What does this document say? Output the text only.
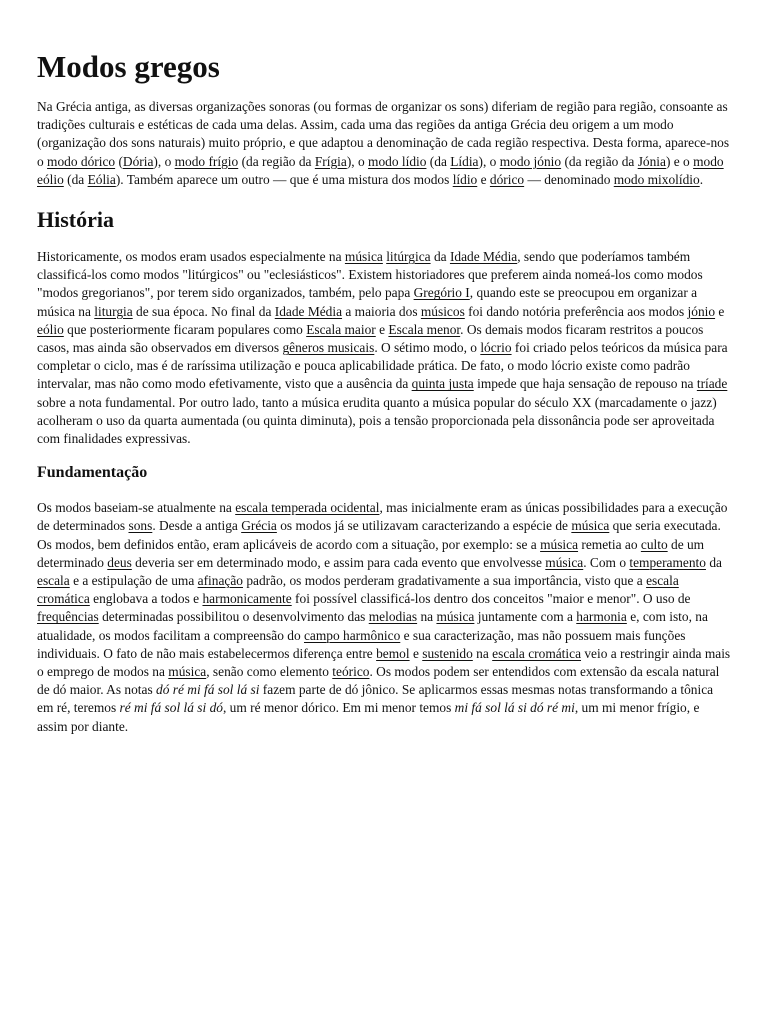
Modos gregos

Na Grécia antiga, as diversas organizações sonoras (ou formas de organizar os sons) diferiam de região para região, consoante as tradições culturais e estéticas de cada uma delas. Assim, cada uma das regiões da antiga Grécia deu origem a um modo (organização dos sons naturais) muito próprio, e que adaptou a denominação de cada região respectiva. Desta forma, aparece-nos o modo dórico (Dória), o modo frígio (da região da Frígia), o modo lídio (da Lídia), o modo jónio (da região da Jónia) e o modo eólio (da Eólia). Também aparece um outro — que é uma mistura dos modos lídio e dórico — denominado modo mixolídio.

História

Historicamente, os modos eram usados especialmente na música litúrgica da Idade Média, sendo que poderíamos também classificá-los como modos "litúrgicos" ou "eclesiásticos". Existem historiadores que preferem ainda nomeá-los como modos "modos gregorianos", por terem sido organizados, também, pelo papa Gregório I, quando este se preocupou em organizar a música na liturgia de sua época. No final da Idade Média a maioria dos músicos foi dando notória preferência aos modos jónio e eólio que posteriormente ficaram populares como Escala maior e Escala menor. Os demais modos ficaram restritos a poucos casos, mas ainda são observados em diversos gêneros musicais. O sétimo modo, o lócrio foi criado pelos teóricos da música para completar o ciclo, mas é de raríssima utilização e pouca aplicabilidade prática. De fato, o modo lócrio existe como padrão intervalar, mas não como modo efetivamente, visto que a ausência da quinta justa impede que haja sensação de repouso na tríade sobre a nota fundamental. Por outro lado, tanto a música erudita quanto a música popular do século XX (marcadamente o jazz) acolheram o uso da quarta aumentada (ou quinta diminuta), pois a tensão proporcionada pela dissonância pode ser aproveitada com finalidades expressivas.

Fundamentação

Os modos baseiam-se atualmente na escala temperada ocidental, mas inicialmente eram as únicas possibilidades para a execução de determinados sons. Desde a antiga Grécia os modos já se utilizavam caracterizando a espécie de música que seria executada. Os modos, bem definidos então, eram aplicáveis de acordo com a situação, por exemplo: se a música remetia ao culto de um determinado deus deveria ser em determinado modo, e assim para cada evento que envolvesse música. Com o temperamento da escala e a estipulação de uma afinação padrão, os modos perderam gradativamente a sua importância, visto que a escala cromática englobava a todos e harmonicamente foi possível classificá-los dentro dos conceitos "maior e menor". O uso de frequências determinadas possibilitou o desenvolvimento das melodias na música juntamente com a harmonia e, com isto, na atualidade, os modos facilitam a compreensão do campo harmônico e sua caracterização, mas não possuem mais funções individuais. O fato de não mais estabelecermos diferença entre bemol e sustenido na escala cromática veio a restringir ainda mais o emprego de modos na música, senão como elemento teórico. Os modos podem ser entendidos com extensão da escala natural de dó maior. As notas dó ré mi fá sol lá si fazem parte de dó jônico. Se aplicarmos essas mesmas notas transformando a tônica em ré, teremos ré mi fá sol lá si dó, um ré menor dórico. Em mi menor temos mi fá sol lá si dó ré mi, um mi menor frígio, e assim por diante.
